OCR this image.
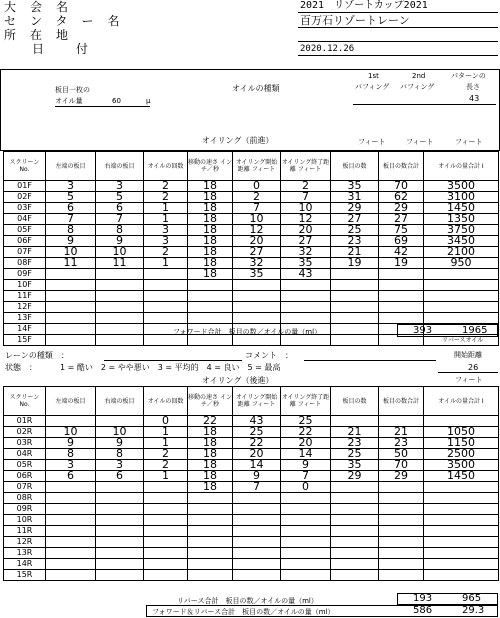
大会名
センター名
所在地
日付
2021　リゾートカップ2021
百万石リゾートレーン
2020.12.26
板目一枚の
オイル量	60	μ
オイルの種類
1st
バフィング
2nd
バフィング
パターンの
長さ
43
フィート	フィート	フィート
オイリング（前進）
スクリーン No.	左端の板目	右端の板目	オイルの回数	移動の速さ インチ／秒	オイリング開始距離 フィート	オイリング終了距離 フィート	板目の数	板目の数合計	オイルの量合計 I
01F	3	3	2	18	0	2	35	70	3500
02F	5	5	2	18	2	7	31	62	3100
03F	6	6	1	18	7	10	29	29	1450
04F	7	7	1	18	10	12	27	27	1350
05F	8	8	3	18	12	20	25	75	3750
06F	9	9	3	18	20	27	23	69	3450
07F	10	10	2	18	27	32	21	42	2100
08F	11	11	1	18	32	35	19	19	950
09F				18	35	43			
10F									
11F									
12F									
13F									
14F									
15F									
フォワード合計　板目の数／オイルの量（ml）	393	1965
リバースオイル
開始距離
26
フィート
レーンの種類　：	コメント　：
状態　：	1 = 酷い　2 = やや悪い　3 = 平均的　4 = 良い　5 = 最高
オイリング（後進）
スクリーン No.	左端の板目	右端の板目	オイルの回数	移動の速さ インチ／秒	オイリング開始距離 フィート	オイリング終了距離 フィート	板目の数	板目の数合計	オイルの量合計 I
01R			0	22	43	25			
02R	10	10	1	18	25	22	21	21	1050
03R	9	9	1	18	22	20	23	23	1150
04R	8	8	2	18	20	14	25	50	2500
05R	3	3	2	18	14	9	35	70	3500
06R	6	6	1	18	9	7	29	29	1450
07R				18	7	0			
08R									
09R									
10R									
11R									
12R									
13R									
14R									
15R									
リバース合計　板目の数／オイルの量（ml）	193	965
フォワード＆リバース合計　板目の数／オイルの量（ml）	586	29.3
